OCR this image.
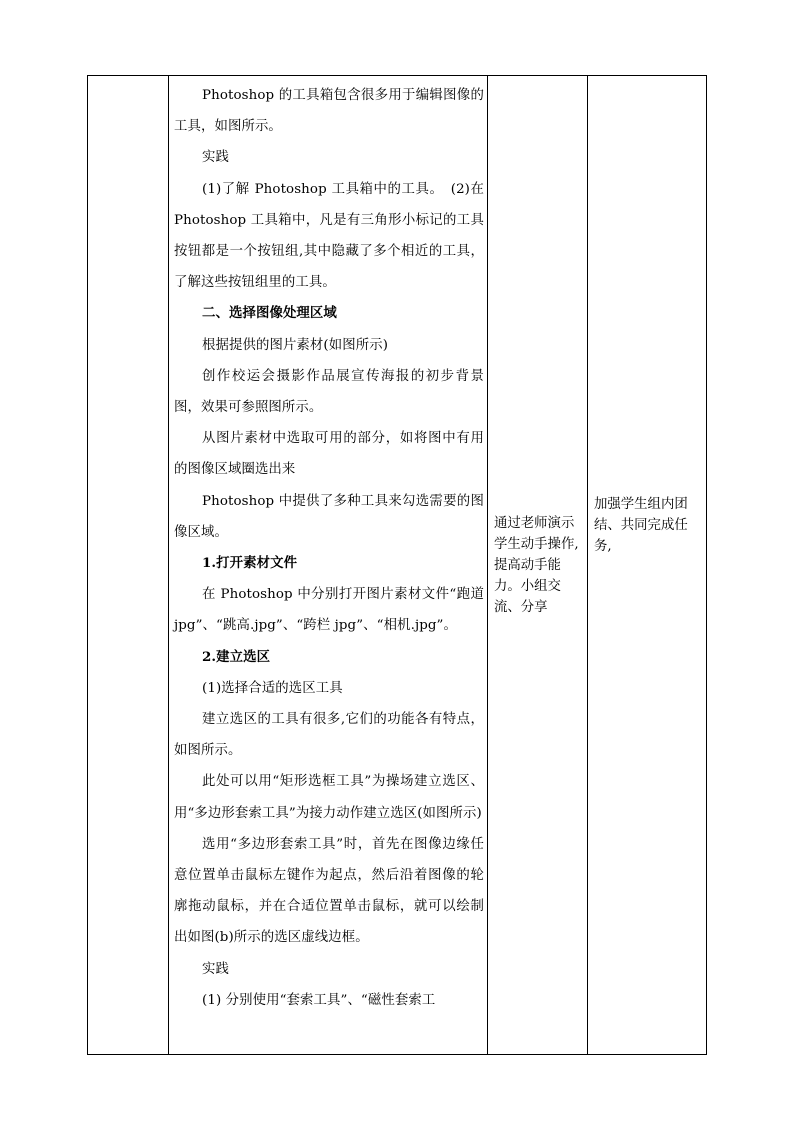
Photoshop 的工具箱包含很多用于编辑图像的工具，如图所示。

实践

(1)了解 Photoshop 工具箱中的工具。　(2)在 Photoshop 工具箱中，凡是有三角形小标记的工具按钮都是一个按钮组,其中隐藏了多个相近的工具，了解这些按钮组里的工具。

二、选择图像处理区域

根据提供的图片素材(如图所示)

创作校运会摄影作品展宣传海报的初步背景图，效果可参照图所示。

从图片素材中选取可用的部分，如将图中有用的图像区域圈选出来

Photoshop 中提供了多种工具来勾选需要的图像区域。

1.打开素材文件

在 Photoshop 中分别打开图片素材文件“跑道 jpg”、“跳高.jpg”、“跨栏 jpg”、“相机.jpg”。

2.建立选区

(1)选择合适的选区工具

建立选区的工具有很多,它们的功能各有特点，如图所示。

此处可以用“矩形选框工具”为操场建立选区、用“多边形套索工具”为接力动作建立选区(如图所示)

选用“多边形套索工具”时，首先在图像边缘任意位置单击鼠标左键作为起点，然后沿着图像的轮廓拖动鼠标，并在合适位置单击鼠标，就可以绘制出如图(b)所示的选区虚线边框。

实践

(1) 分别使用“套索工具”、“磁性套索工

通过老师演示学生动手操作,提高动手能力。小组交流、分享
加强学生组内团结、共同完成任务,
